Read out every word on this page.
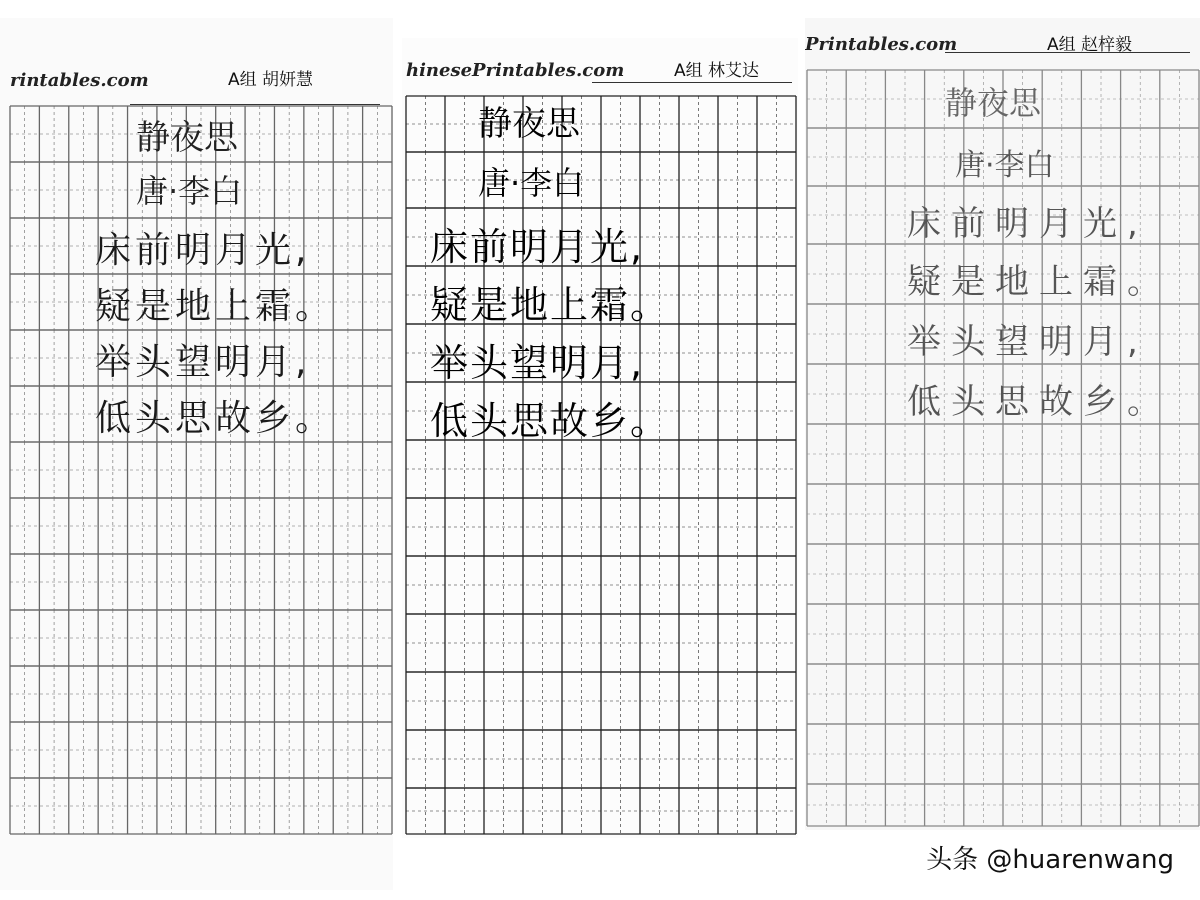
rintables.com	A组 胡妍慧
静夜思
唐·李白
床前明月光,
疑是地上霜。
举头望明月,
低头思故乡。
hinesePrintables.com	A组 林艾达
静夜思
唐·李白
床前明月光,
疑是地上霜。
举头望明月,
低头思故乡。
Printables.com	A组 赵梓毅
静夜思
唐·李白
床前明月光,
疑是地上霜。
举头望明月,
低头思故乡。
头条 @huarenwang
